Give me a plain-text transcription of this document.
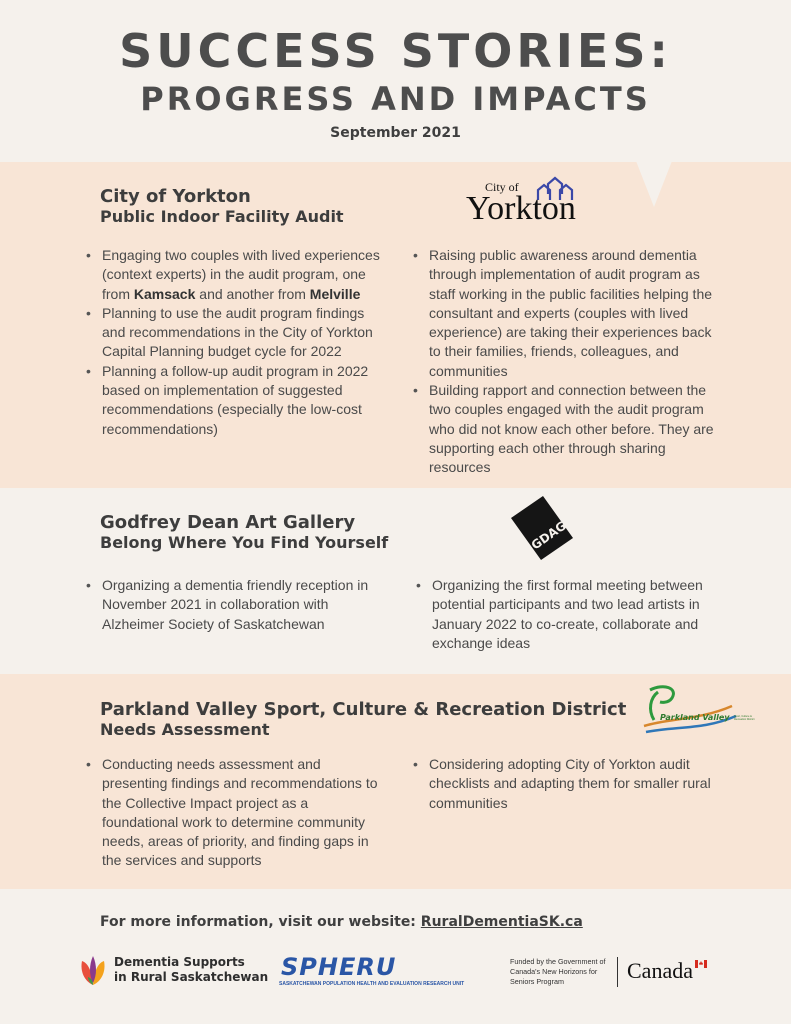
SUCCESS STORIES:
PROGRESS AND IMPACTS
September 2021
City of Yorkton
Public Indoor Facility Audit
City of
Yorkton
• Engaging two couples with lived experiences (context experts) in the audit program, one from Kamsack and another from Melville
• Planning to use the audit program findings and recommendations in the City of Yorkton Capital Planning budget cycle for 2022
• Planning a follow-up audit program in 2022 based on implementation of suggested recommendations (especially the low-cost recommendations)
• Raising public awareness around dementia through implementation of audit program as staff working in the public facilities helping the consultant and experts (couples with lived experience) are taking their experiences back to their families, friends, colleagues, and communities
• Building rapport and connection between the two couples engaged with the audit program who did not know each other before. They are supporting each other through sharing resources
Godfrey Dean Art Gallery
Belong Where You Find Yourself	GDAG
• Organizing a dementia friendly reception in November 2021 in collaboration with Alzheimer Society of Saskatchewan
• Organizing the first formal meeting between potential participants and two lead artists in January 2022 to co-create, collaborate and exchange ideas
Parkland Valley Sport, Culture & Recreation District
Needs Assessment
Parkland Valley Sport, Culture & Recreation District
• Conducting needs assessment and presenting findings and recommendations to the Collective Impact project as a foundational work to determine community needs, areas of priority, and finding gaps in the services and supports
• Considering adopting City of Yorkton audit checklists and adapting them for smaller rural communities
For more information, visit our website: RuralDementiaSK.ca
Dementia Supports
in Rural Saskatchewan SPHERU
SASKATCHEWAN POPULATION HEALTH AND EVALUATION RESEARCH UNIT
Funded by the Government of Canada's New Horizons for Seniors Program	Canada
